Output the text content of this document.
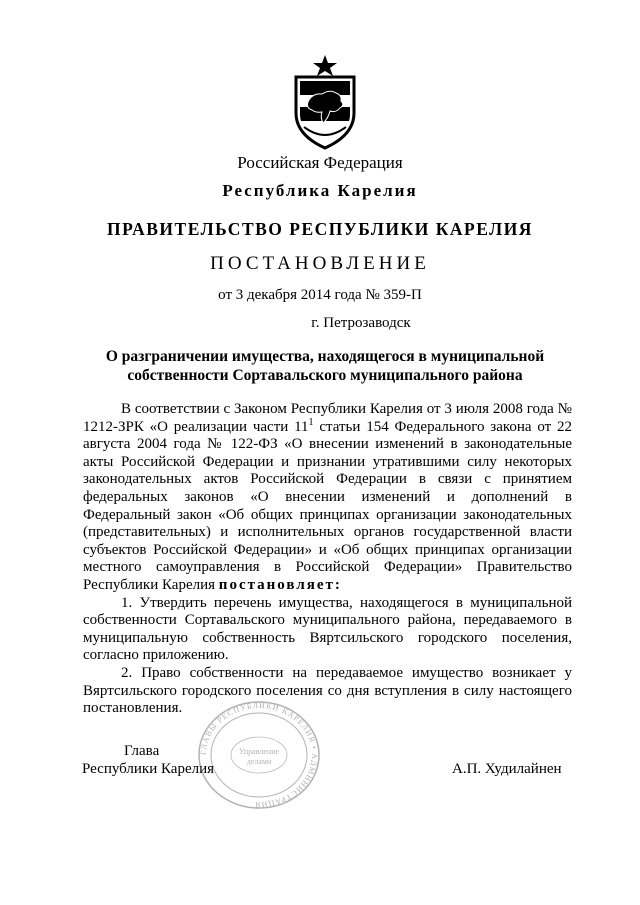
Российская Федерация
Республика Карелия
ПРАВИТЕЛЬСТВО РЕСПУБЛИКИ КАРЕЛИЯ
ПОСТАНОВЛЕНИЕ
от 3 декабря 2014 года № 359-П
г. Петрозаводск
О разграничении имущества, находящегося в муниципальной
собственности Сортавальского муниципального района

В соответствии с Законом Республики Карелия от 3 июля 2008 года № 1212-ЗРК «О реализации части $11^1$ статьи 154 Федерального закона от 22 августа 2004 года № 122-ФЗ «О внесении изменений в законодательные акты Российской Федерации и признании утратившими силу некоторых законодательных актов Российской Федерации в связи с принятием федеральных законов «О внесении изменений и дополнений в Федеральный закон «Об общих принципах организации законодательных (представительных) и исполнительных органов государственной власти субъектов Российской Федерации» и «Об общих принципах организации местного самоуправления в Российской Федерации» Правительство Республики Карелия постановляет:

1. Утвердить перечень имущества, находящегося в муниципальной собственности Сортавальского муниципального района, передаваемого в муниципальную собственность Вяртсильского городского поселения, согласно приложению.

2. Право собственности на передаваемое имущество возникает у Вяртсильского городского поселения со дня вступления в силу настоящего постановления.

Глава
Республики Карелия	А.П. Худилайнен
Управление
делами
ГЛАВЫ РЕСПУБЛИКИ КАРЕЛИЯ • АДМИНИСТРАЦИЯ
